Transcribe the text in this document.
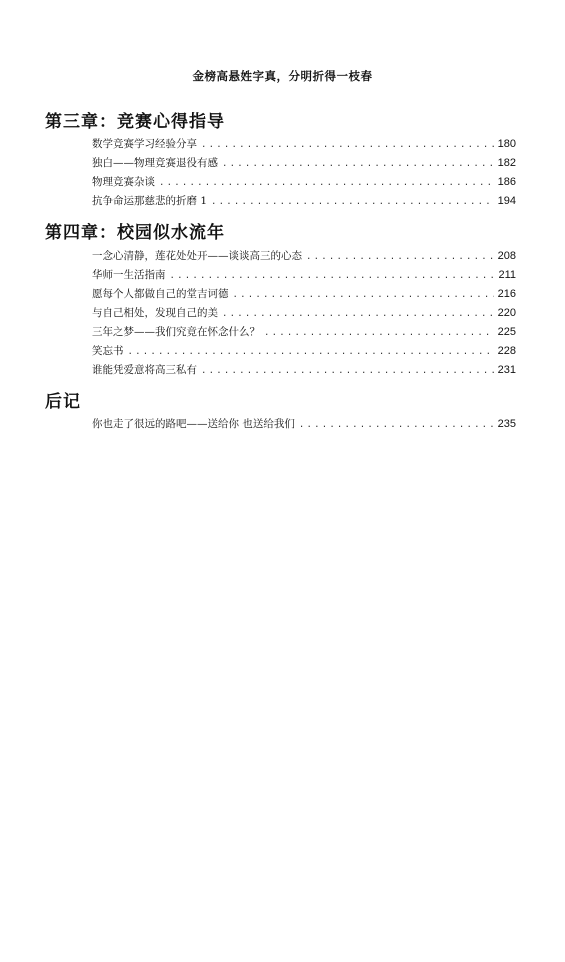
金榜高悬姓字真，分明折得一枝春
第三章：竞赛心得指导
数学竞赛学习经验分享 .....	180
独白——物理竞赛退役有感 .....	182
物理竞赛杂谈 .....	186
抗争命运那慈悲的折磨 1 .....	194
第四章：校园似水流年
一念心清静，莲花处处开——谈谈高三的心态 .....	208
华师一生活指南 .....	211
愿每个人都做自己的堂吉诃德 .....	216
与自己相处，发现自己的美 .....	220
三年之梦——我们究竟在怀念什么？ .....	225
笑忘书 .....	228
谁能凭爱意将高三私有 .....	231
后记
你也走了很远的路吧——送给你 也送给我们 .....	235
